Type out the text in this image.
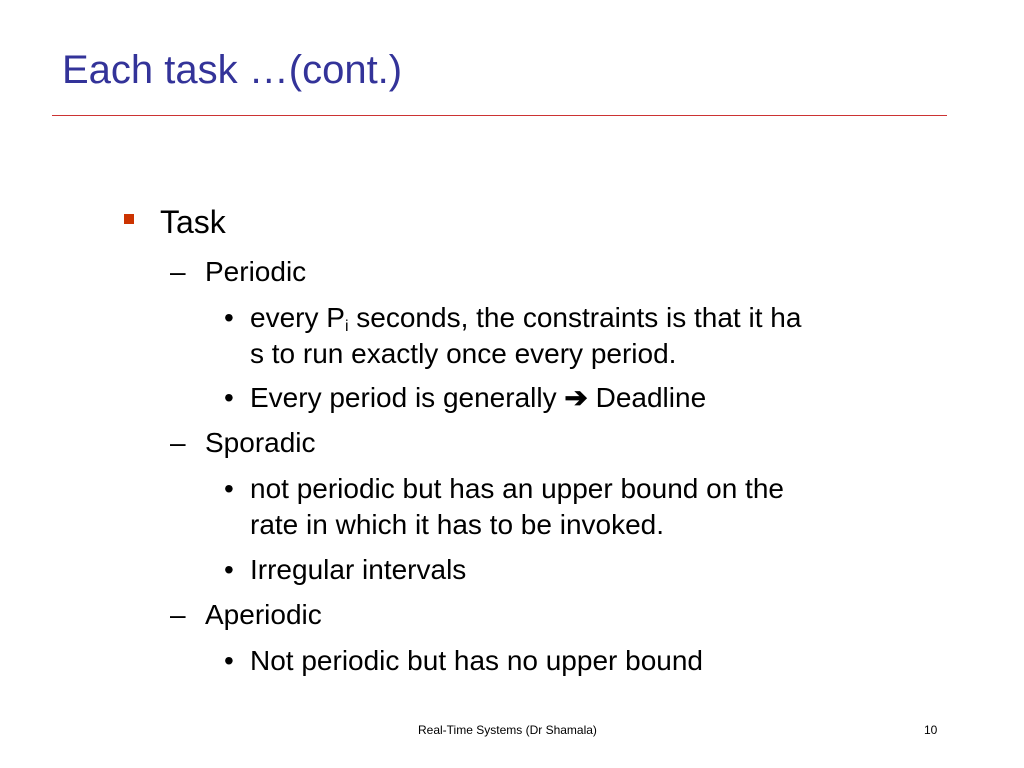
Each task …(cont.)
Task
– Periodic
• every $P_i$ seconds, the constraints is that it ha
s to run exactly once every period.
• Every period is generally ➔ Deadline
– Sporadic
• not periodic but has an upper bound on the
rate in which it has to be invoked.
• Irregular intervals
– Aperiodic
• Not periodic but has no upper bound
Real-Time Systems (Dr Shamala)	10
